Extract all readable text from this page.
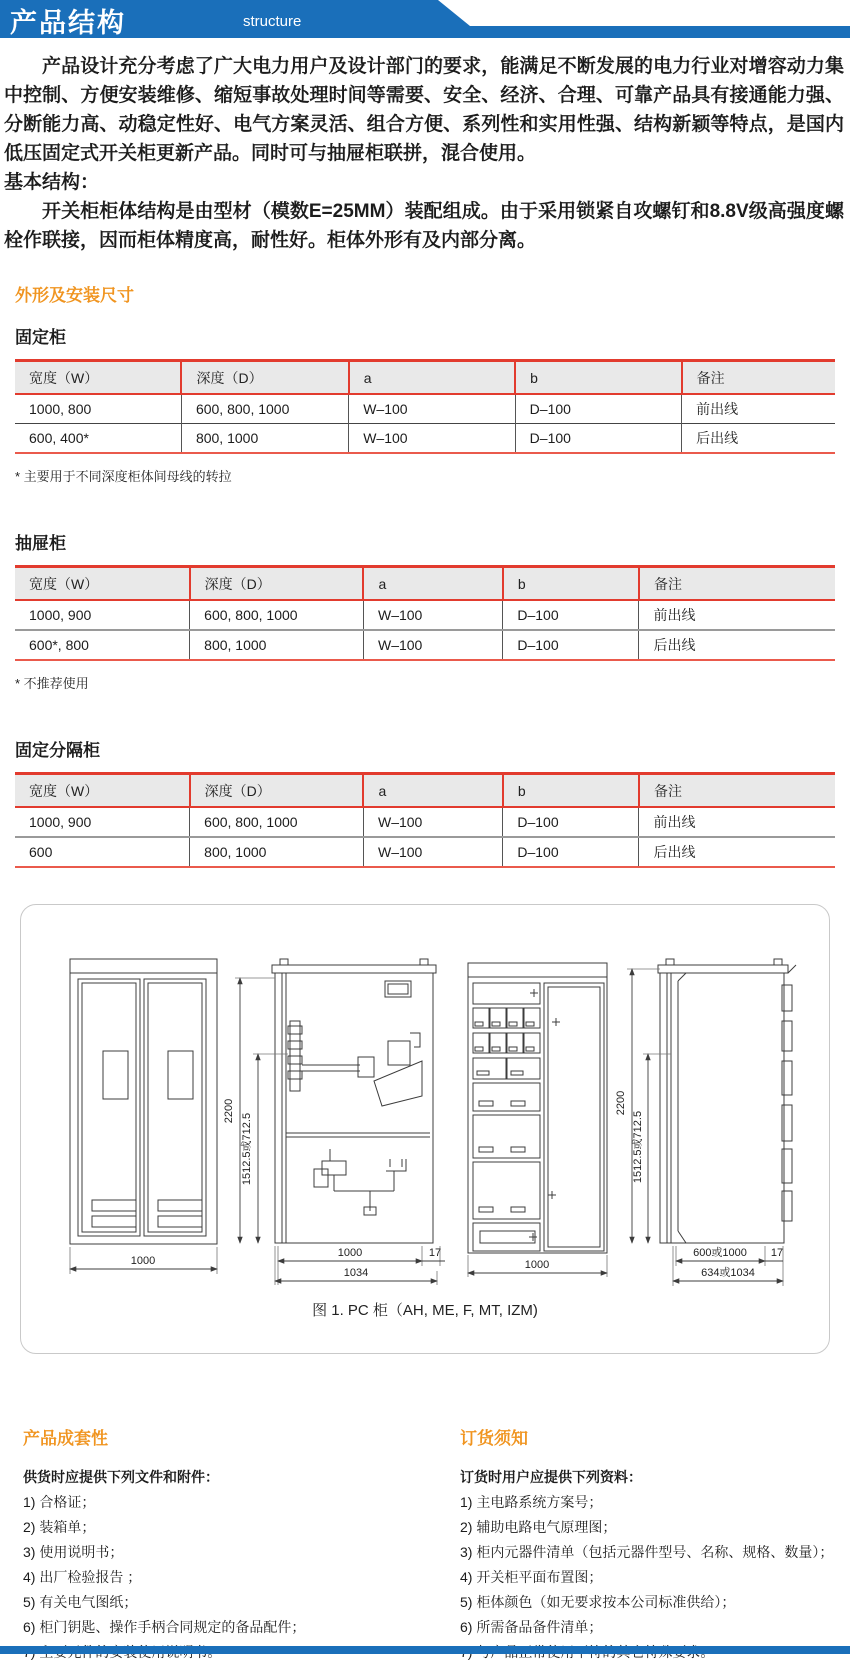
产品结构	structure

产品设计充分考虑了广大电力用户及设计部门的要求，能满足不断发展的电力行业对增容动力集中控制、方便安装维修、缩短事故处理时间等需要、安全、经济、合理、可靠产品具有接通能力强、分断能力高、动稳定性好、电气方案灵活、组合方便、系列性和实用性强、结构新颖等特点，是国内低压固定式开关柜更新产品。同时可与抽屉柜联拼，混合使用。

基本结构：

开关柜柜体结构是由型材（模数E=25MM）装配组成。由于采用锁紧自攻螺钉和8.8V级高强度螺栓作联接，因而柜体精度高，耐性好。柜体外形有及内部分离。

外形及安装尺寸
固定柜
宽度（W）	深度（D）	a	b	备注
1000, 800	600, 800, 1000	W–100	D–100	前出线
600, 400*	800, 1000	W–100	D–100	后出线
* 主要用于不同深度柜体间母线的转拉
抽屉柜
宽度（W）	深度（D）	a	b	备注
1000, 900	600, 800, 1000	W–100	D–100	前出线
600*, 800	800, 1000	W–100	D–100	后出线
* 不推荐使用
固定分隔柜
宽度（W）	深度（D）	a	b	备注
1000, 900	600, 800, 1000	W–100	D–100	前出线
600	800, 1000	W–100	D–100	后出线
1000
2200
1512.5或712.5
1000	17
1034
1000
2200
1512.5或712.5
600或1000 17
634或1034
图 1. PC 柜（AH, ME, F, MT, IZM)
产品成套性
供货时应提供下列文件和附件：
1) 合格证；
2) 装箱单；
3) 使用说明书；
4) 出厂检验报告 ；
5) 有关电气图纸；
6) 柜门钥匙、操作手柄合同规定的备品配件；
订货须知
订货时用户应提供下列资料：
1) 主电路系统方案号；
2) 辅助电路电气原理图；
3) 柜内元器件清单（包括元器件型号、名称、规格、数量）；
4) 开关柜平面布置图；
5) 柜体颜色（如无要求按本公司标准供给）；
6) 所需备品备件清单；
